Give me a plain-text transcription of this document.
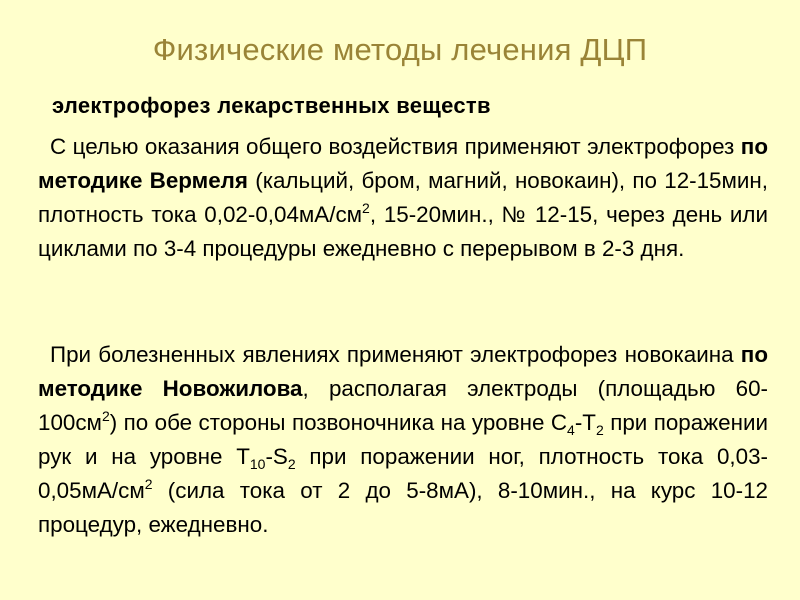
Физические методы лечения ДЦП
электрофорез лекарственных веществ

С целью оказания общего воздействия применяют электрофорез по методике Вермеля (кальций, бром, магний, новокаин), по 12-15мин, плотность тока $0,02-0,04мА/см^2$, 15-20мин., № 12-15, через день или циклами по 3-4 процедуры ежедневно с перерывом в 2-3 дня.

При болезненных явлениях применяют электрофорез новокаина по методике Новожилова, располагая электроды (площадью $60-100см^2$) по обе стороны позвоночника на уровне $С_4-Т_2$ при поражении рук и на уровне $Т_{10}-S_2$ при поражении ног, плотность тока $0,03-0,05мА/см^2$ (сила тока от 2 до 5-8мА), 8-10мин., на курс 10-12 процедур, ежедневно.
